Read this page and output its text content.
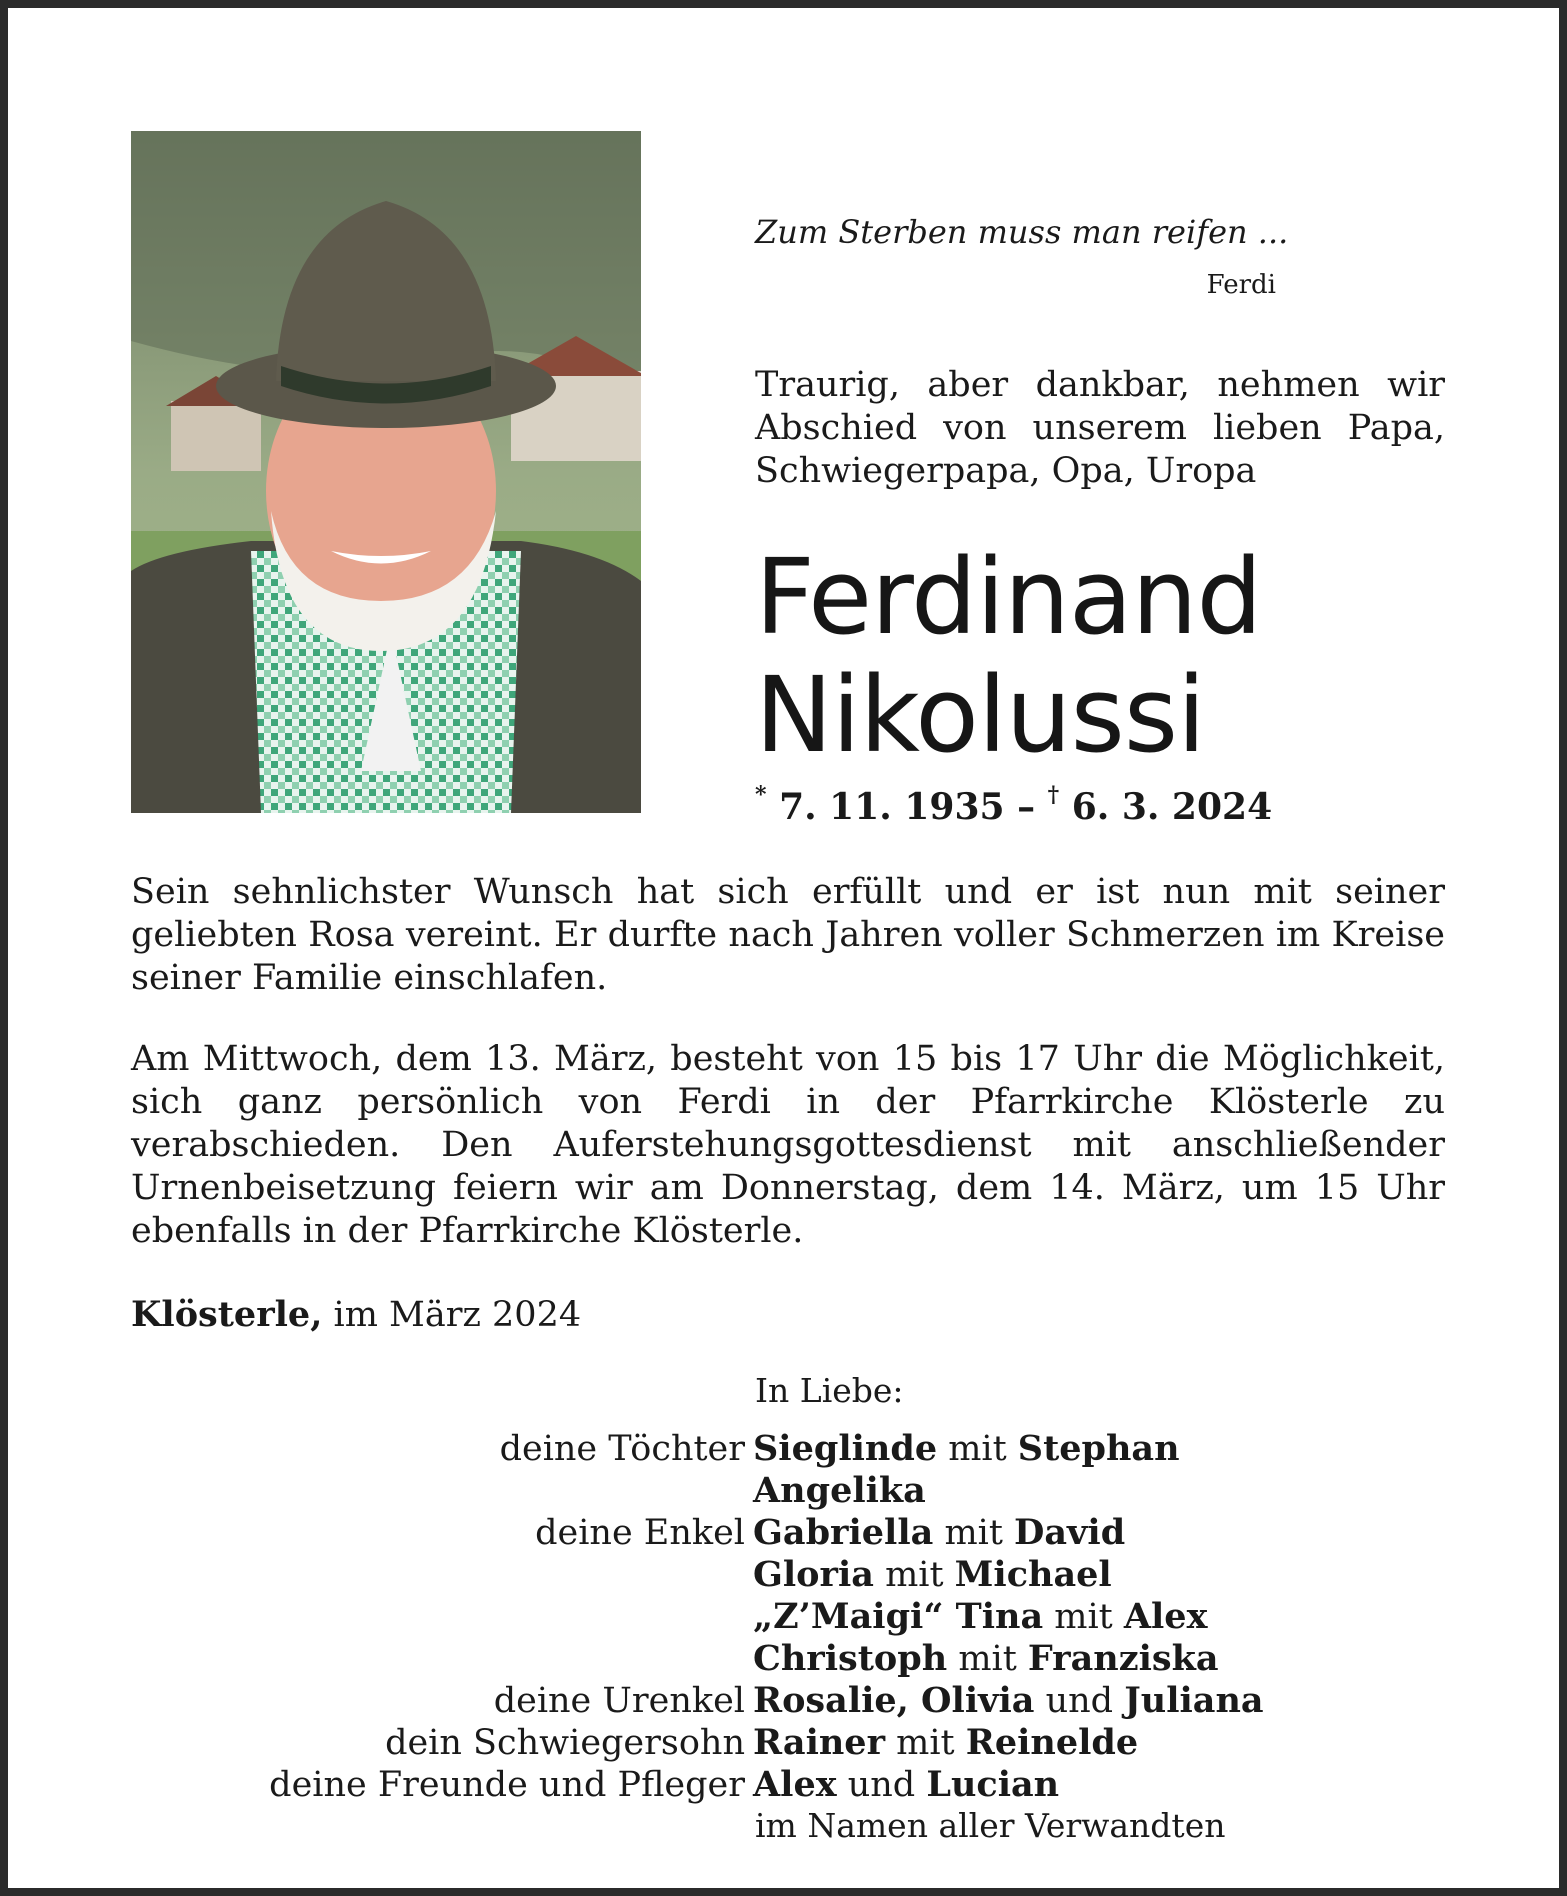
Zum Sterben muss man reifen ...
Ferdi
Traurig, aber dankbar, nehmen wir
Abschied von unserem lieben Papa,
Schwiegerpapa, Opa, Uropa
Ferdinand
Nikolussi
* 7. 11. 1935 – † 6. 3. 2024
Sein sehnlichster Wunsch hat sich erfüllt und er ist nun mit seiner geliebten Rosa vereint. Er durfte nach Jahren voller Schmerzen im Kreise seiner Familie einschlafen.
Am Mittwoch, dem 13. März, besteht von 15 bis 17 Uhr die Möglichkeit, sich ganz persönlich von Ferdi in der Pfarrkirche Klösterle zu verabschieden. Den Auferstehungsgottesdienst mit anschließender Urnenbeisetzung feiern wir am Donnerstag, dem 14. März, um 15 Uhr ebenfalls in der Pfarrkirche Klösterle.
Klösterle, im März 2024
In Liebe:
deine Töchter Sieglinde mit Stephan
Angelika
deine Enkel Gabriella mit David
Gloria mit Michael
„Z’Maigi“ Tina mit Alex
Christoph mit Franziska
deine Urenkel Rosalie, Olivia und Juliana
dein Schwiegersohn Rainer mit Reinelde
deine Freunde und Pfleger Alex und Lucian
im Namen aller Verwandten
